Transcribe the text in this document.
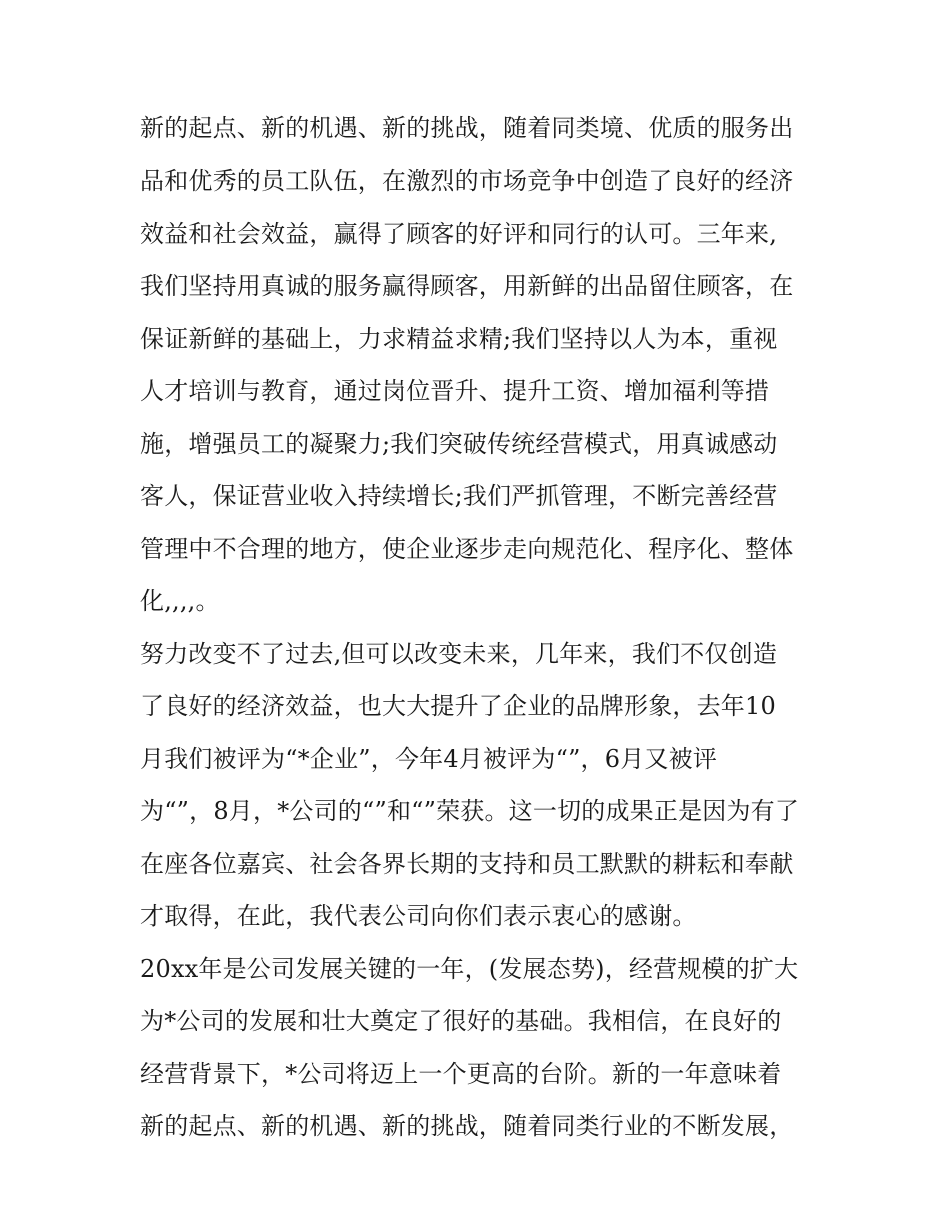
新的起点、新的机遇、新的挑战，随着同类境、优质的服务出
品和优秀的员工队伍，在激烈的市场竞争中创造了良好的经济
效益和社会效益，赢得了顾客的好评和同行的认可。三年来,
我们坚持用真诚的服务赢得顾客，用新鲜的出品留住顾客，在
保证新鲜的基础上，力求精益求精;我们坚持以人为本，重视
人才培训与教育，通过岗位晋升、提升工资、增加福利等措
施，增强员工的凝聚力;我们突破传统经营模式，用真诚感动
客人，保证营业收入持续增长;我们严抓管理，不断完善经营
管理中不合理的地方，使企业逐步走向规范化、程序化、整体
化,,,,。
努力改变不了过去,但可以改变未来，几年来，我们不仅创造
了良好的经济效益，也大大提升了企业的品牌形象，去年10
月我们被评为“*企业”，今年4月被评为“”，6月又被评
为“”，8月，*公司的“”和“”荣获。这一切的成果正是因为有了
在座各位嘉宾、社会各界长期的支持和员工默默的耕耘和奉献
才取得，在此，我代表公司向你们表示衷心的感谢。
20xx年是公司发展关键的一年，(发展态势)，经营规模的扩大
为*公司的发展和壮大奠定了很好的基础。我相信，在良好的
经营背景下，*公司将迈上一个更高的台阶。新的一年意味着
新的起点、新的机遇、新的挑战，随着同类行业的不断发展，
